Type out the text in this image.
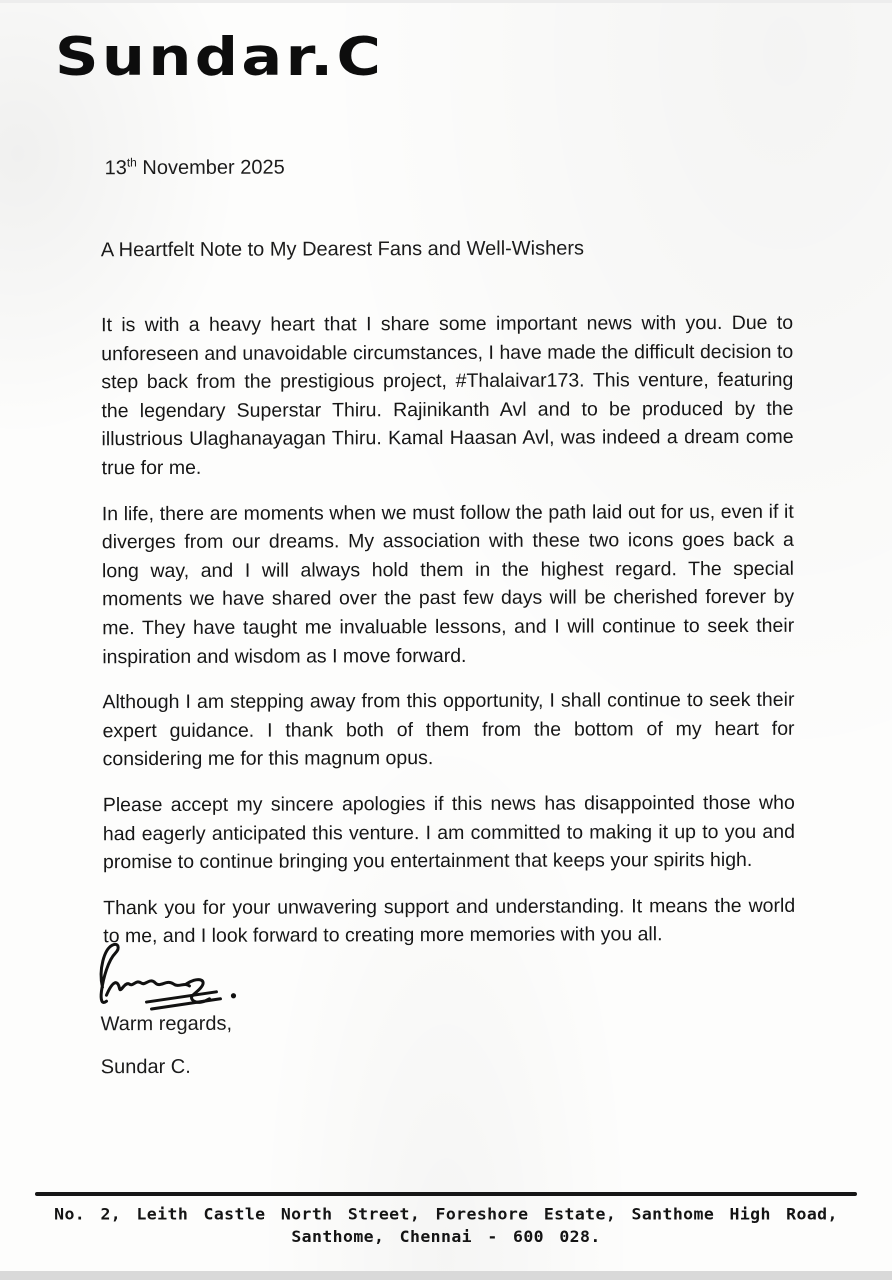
Sundar.C
13th November 2025
A Heartfelt Note to My Dearest Fans and Well-Wishers

It is with a heavy heart that I share some important news with you. Due to unforeseen and unavoidable circumstances, I have made the difficult decision to step back from the prestigious project, #Thalaivar173. This venture, featuring the legendary Superstar Thiru. Rajinikanth Avl and to be produced by the illustrious Ulaghanayagan Thiru. Kamal Haasan Avl, was indeed a dream come true for me.

In life, there are moments when we must follow the path laid out for us, even if it diverges from our dreams. My association with these two icons goes back a long way, and I will always hold them in the highest regard. The special moments we have shared over the past few days will be cherished forever by me. They have taught me invaluable lessons, and I will continue to seek their inspiration and wisdom as I move forward.

Although I am stepping away from this opportunity, I shall continue to seek their expert guidance. I thank both of them from the bottom of my heart for considering me for this magnum opus.

Please accept my sincere apologies if this news has disappointed those who had eagerly anticipated this venture. I am committed to making it up to you and promise to continue bringing you entertainment that keeps your spirits high.

Thank you for your unwavering support and understanding. It means the world to me, and I look forward to creating more memories with you all.

Warm regards,
Sundar C.
No. 2, Leith Castle North Street, Foreshore Estate, Santhome High Road,
Santhome, Chennai - 600 028.
